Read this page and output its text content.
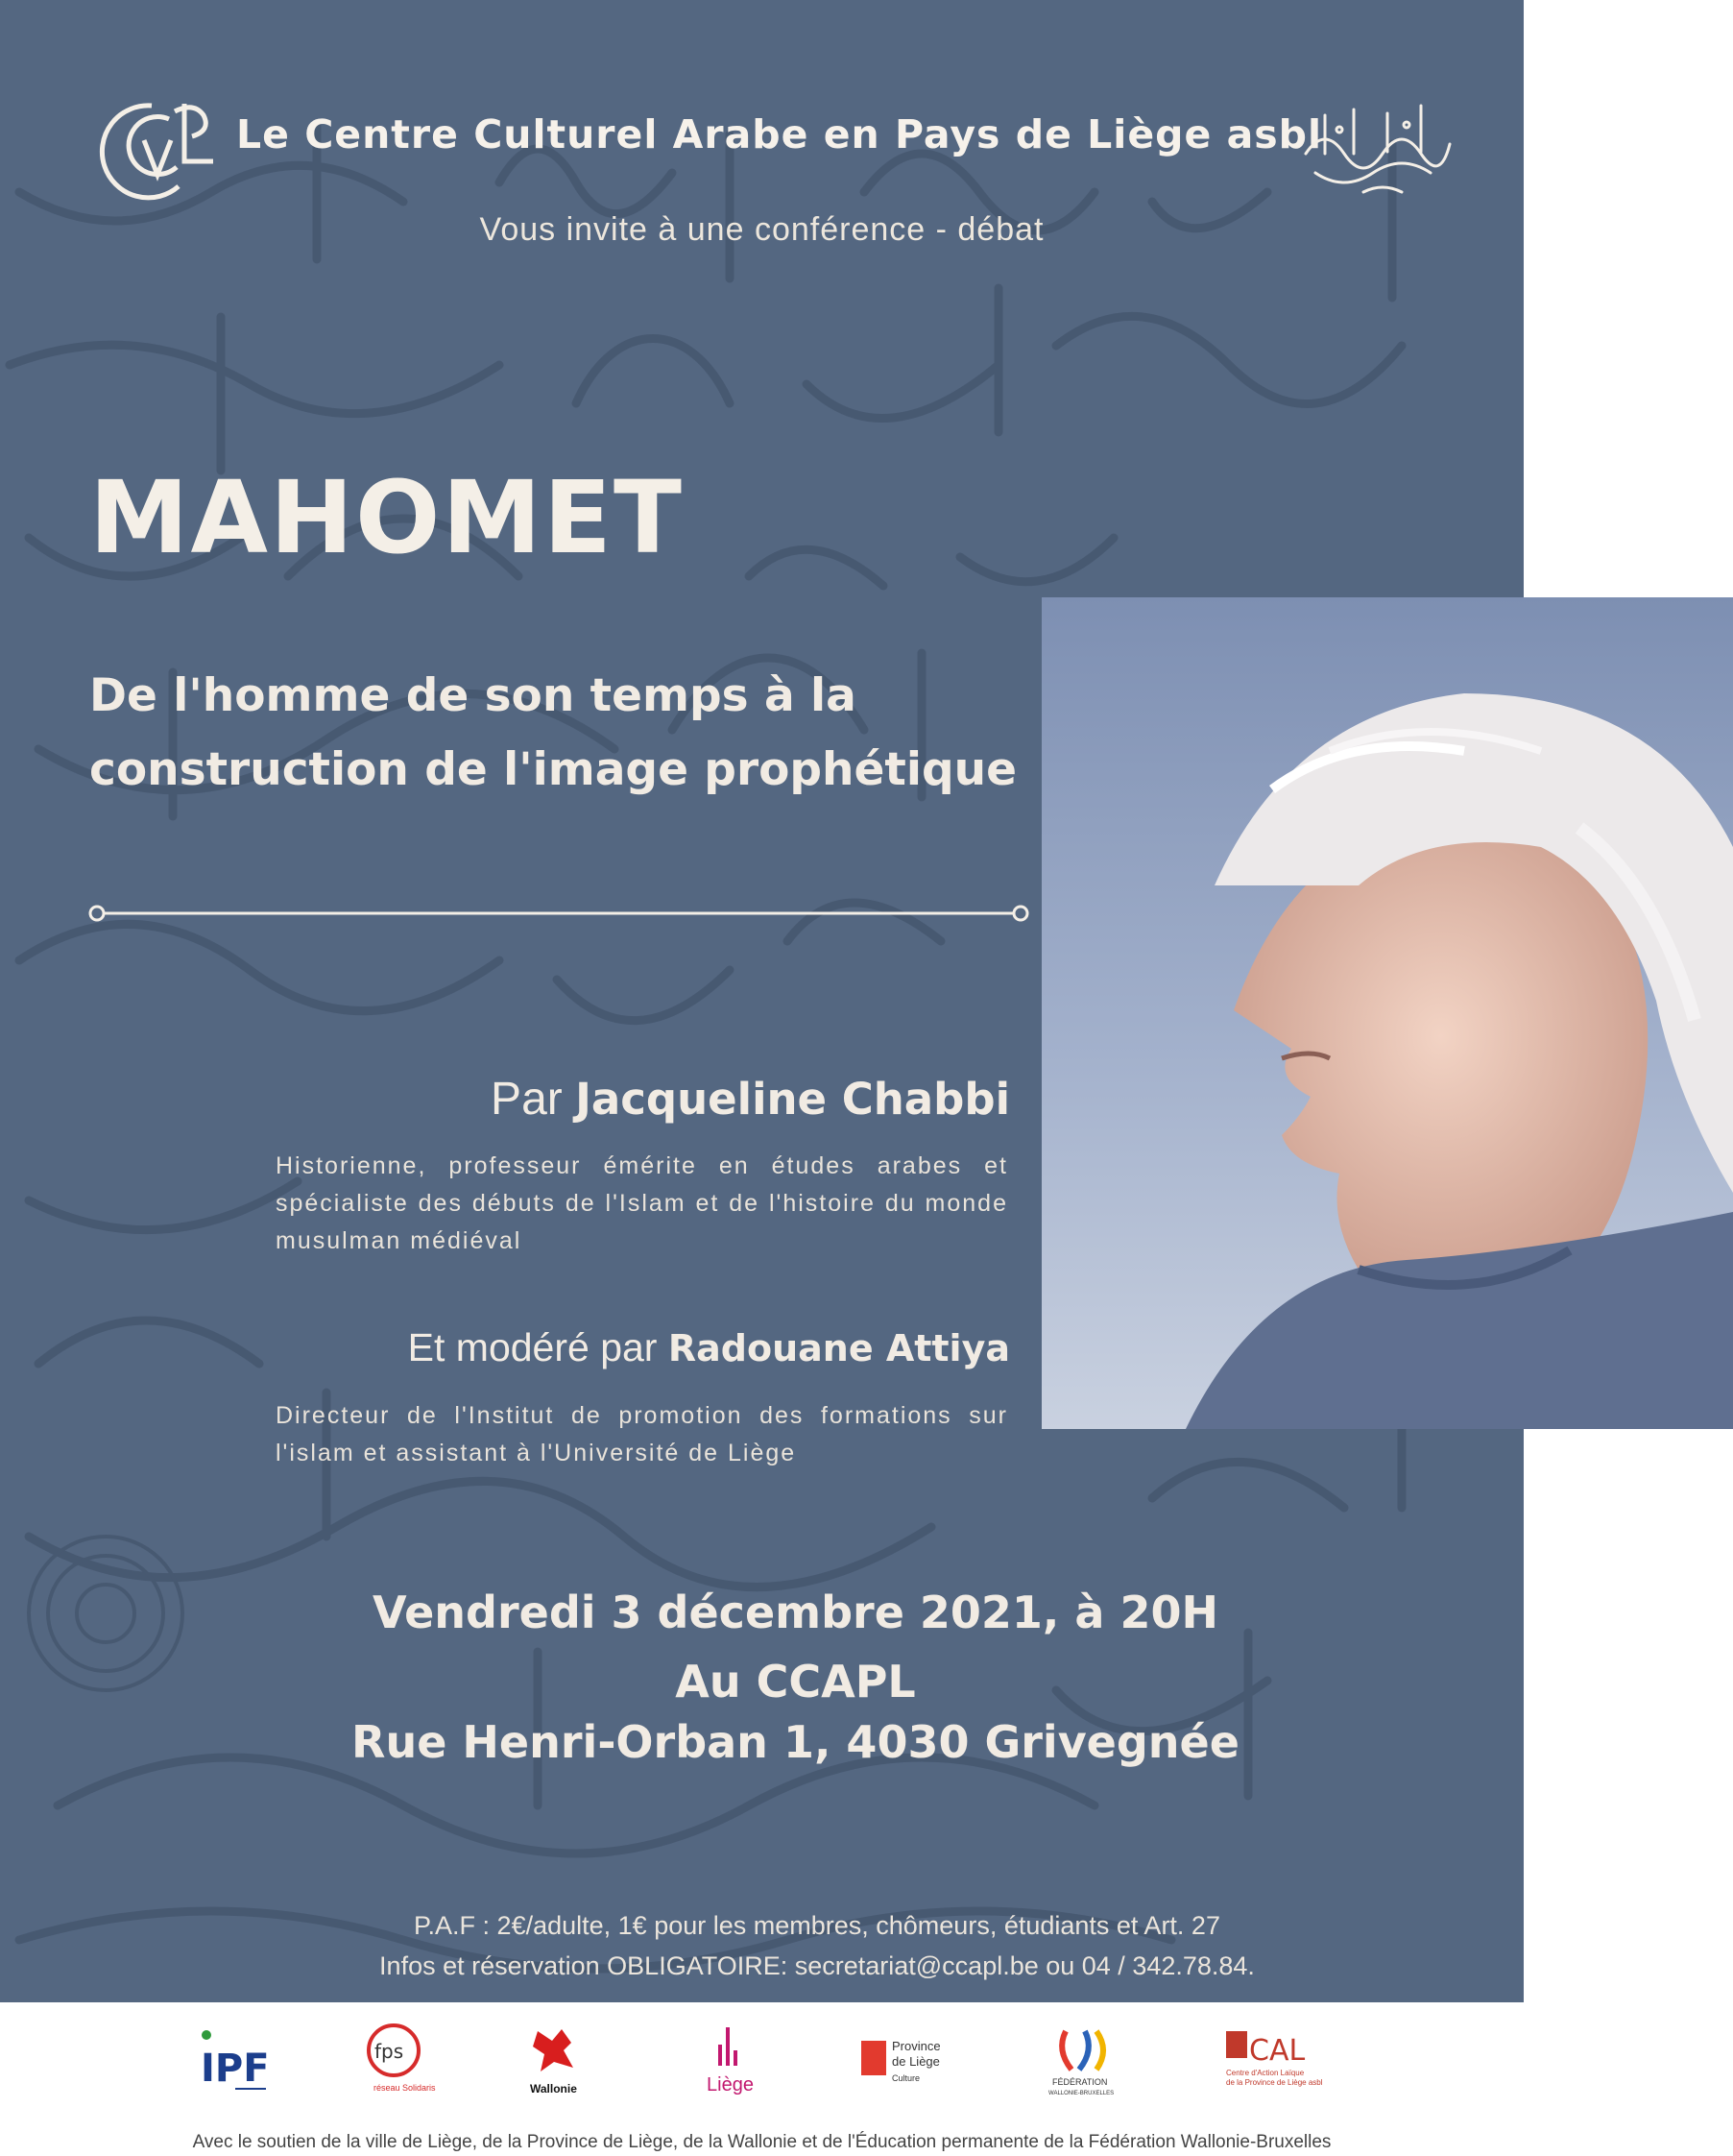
Le Centre Culturel Arabe en Pays de Liège asbl
Vous invite à une conférence - débat
MAHOMET
De l'homme de son temps à la
construction de l'image prophétique
Par Jacqueline Chabbi
Historienne, professeur émérite en études arabes et spécialiste des débuts de l'Islam et de l'histoire du monde musulman médiéval
Et modéré par Radouane Attiya
Directeur de l'Institut de promotion des formations sur l'islam et assistant à l'Université de Liège
Vendredi 3 décembre 2021, à 20H
Au CCAPL
Rue Henri-Orban 1, 4030 Grivegnée
P.A.F : 2€/adulte, 1€ pour les membres, chômeurs, étudiants et Art. 27
Infos et réservation OBLIGATOIRE: secretariat@ccapl.be ou 04 / 342.78.84.
IPF	fps
réseau Solidaris	Wallonie	Liège
Province
de Liège
Culture	FÉDÉRATION
WALLONIE-BRUXELLES
CAL
Centre d'Action Laïque
de la Province de Liège asbl
Avec le soutien de la ville de Liège, de la Province de Liège, de la Wallonie et de l'Éducation permanente de la Fédération Wallonie-Bruxelles
